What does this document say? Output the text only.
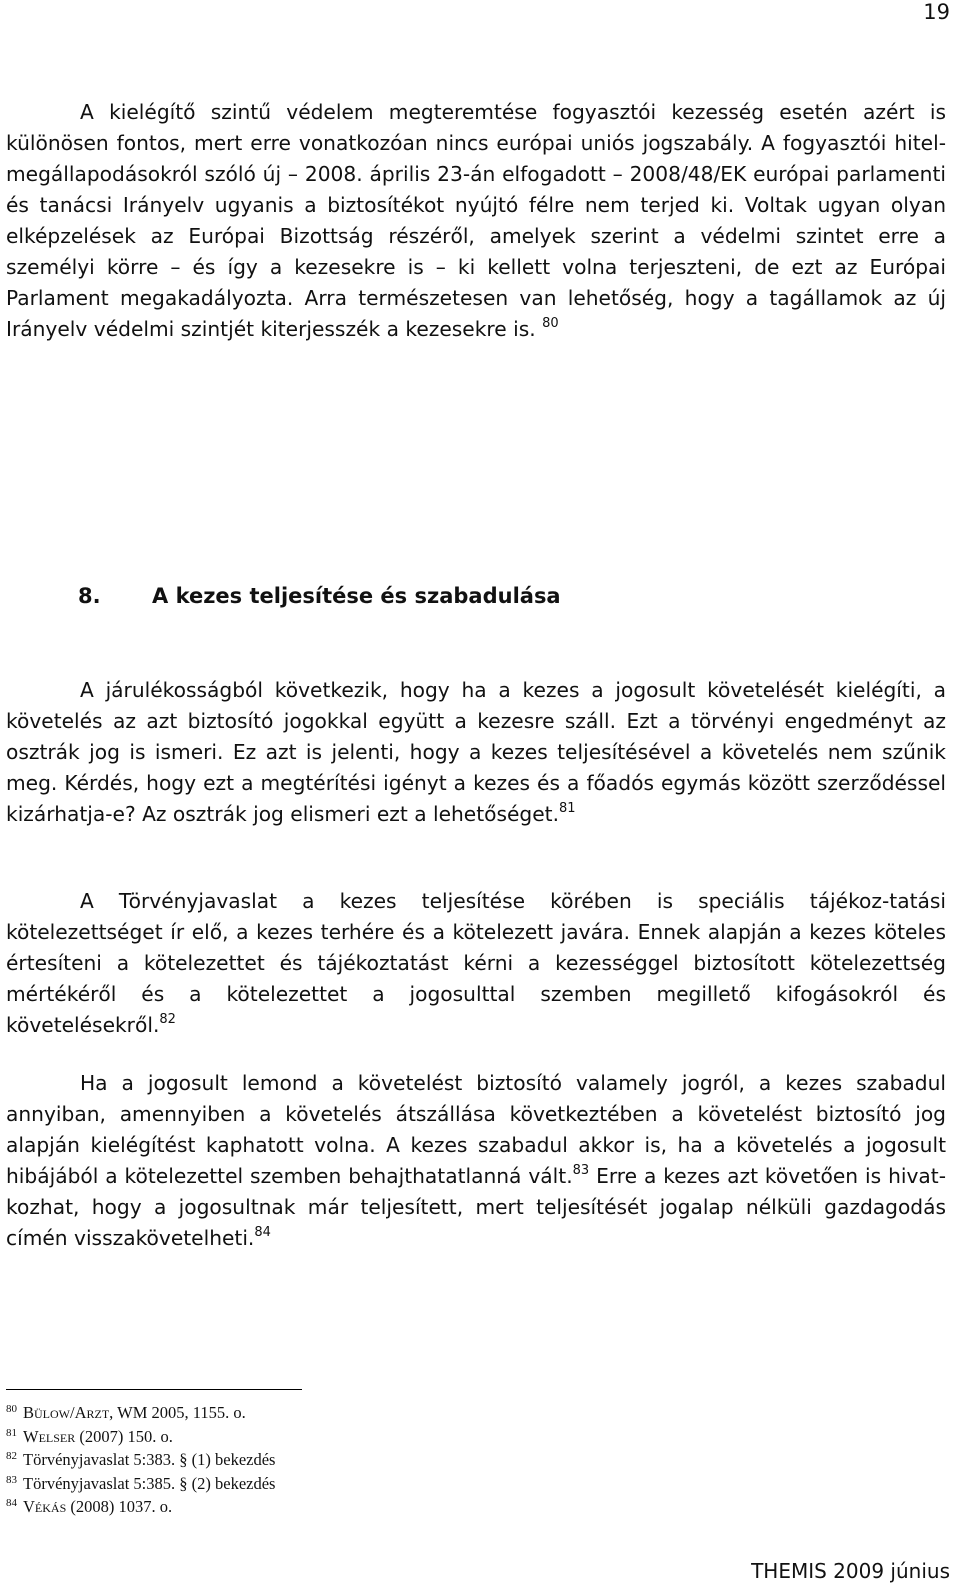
19

A kielégítő szintű védelem megteremtése fogyasztói kezesség esetén azért is különösen fontos, mert erre vonatkozóan nincs európai uniós jogszabály. A fogyasztói hitel-megállapodásokról szóló új – 2008. április 23-án elfogadott – 2008/48/EK európai parlamenti és tanácsi Irányelv ugyanis a biztosítékot nyújtó félre nem terjed ki. Voltak ugyan olyan elképzelések az Európai Bizottság részéről, amelyek szerint a védelmi szintet erre a személyi körre – és így a kezesekre is – ki kellett volna terjeszteni, de ezt az Európai Parlament megakadályozta. Arra természetesen van lehetőség, hogy a tagállamok az új Irányelv védelmi szintjét kiterjesszék a kezesekre is. $^{80}$

8. A kezes teljesítése és szabadulása

A járulékosságból következik, hogy ha a kezes a jogosult követelését kielégíti, a követelés az azt biztosító jogokkal együtt a kezesre száll. Ezt a törvényi engedményt az osztrák jog is ismeri. Ez azt is jelenti, hogy a kezes teljesítésével a követelés nem szűnik meg. Kérdés, hogy ezt a megtérítési igényt a kezes és a főadós egymás között szerződéssel kizárhatja-e? Az osztrák jog elismeri ezt a lehetőséget.$^{81}$

A Törvényjavaslat a kezes teljesítése körében is speciális tájékoz-tatási kötelezettséget ír elő, a kezes terhére és a kötelezett javára. Ennek alapján a kezes köteles értesíteni a kötelezettet és tájékoztatást kérni a kezességgel biztosított kötelezettség mértékéről és a kötelezettet a jogosulttal szemben megillető kifogásokról és követelésekről.$^{82}$

Ha a jogosult lemond a követelést biztosító valamely jogról, a kezes szabadul annyiban, amennyiben a követelés átszállása következtében a követelést biztosító jog alapján kielégítést kaphatott volna. A kezes szabadul akkor is, ha a követelés a jogosult hibájából a kötelezettel szemben behajthatatlanná vált.$^{83}$ Erre a kezes azt követően is hivat-kozhat, hogy a jogosultnak már teljesített, mert teljesítését jogalap nélküli gazdagodás címén visszakövetelheti.$^{84}$

$^{80}$ Bülow/Arzt, WM 2005, 1155. o.
$^{81}$ Welser (2007) 150. o.
$^{82}$ Törvényjavaslat 5:383. § (1) bekezdés
$^{83}$ Törvényjavaslat 5:385. § (2) bekezdés
$^{84}$ Vékás (2008) 1037. o.
THEMIS 2009 június
